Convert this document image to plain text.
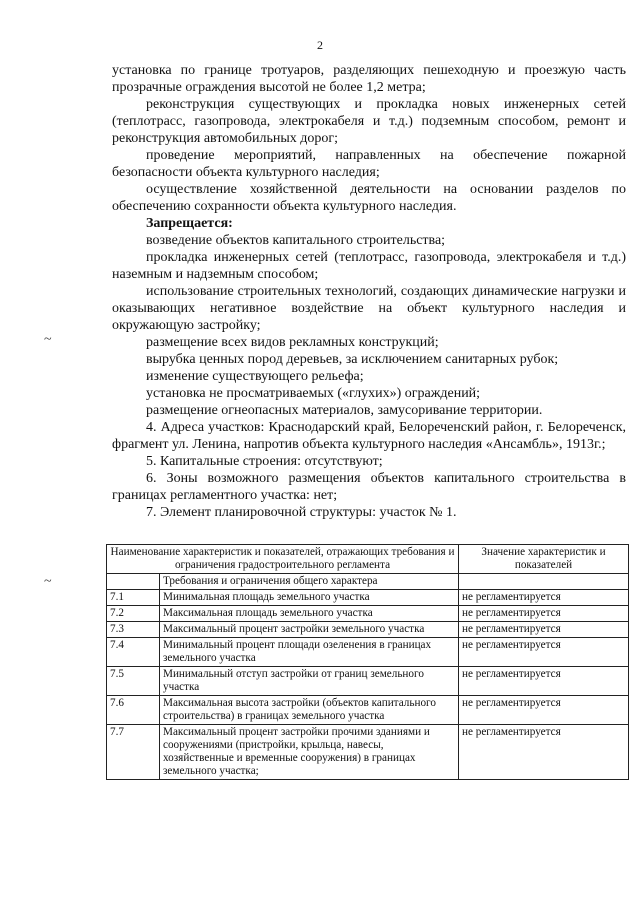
2
~
~

установка по границе тротуаров, разделяющих пешеходную и проезжую часть прозрачные ограждения высотой не более 1,2 метра;

реконструкция существующих и прокладка новых инженерных сетей (теплотрасс, газопровода, электрокабеля и т.д.) подземным способом, ремонт и реконструкция автомобильных дорог;

проведение мероприятий, направленных на обеспечение пожарной безопасности объекта культурного наследия;

осуществление хозяйственной деятельности на основании разделов по обеспечению сохранности объекта культурного наследия.

Запрещается:

возведение объектов капитального строительства;

прокладка инженерных сетей (теплотрасс, газопровода, электрокабеля и т.д.) наземным и надземным способом;

использование строительных технологий, создающих динамические нагрузки и оказывающих негативное воздействие на объект культурного наследия и окружающую застройку;

размещение всех видов рекламных конструкций;

вырубка ценных пород деревьев, за исключением санитарных рубок;

изменение существующего рельефа;

установка не просматриваемых («глухих») ограждений;

размещение огнеопасных материалов, замусоривание территории.

4. Адреса участков: Краснодарский край, Белореченский район, г. Белореченск, фрагмент ул. Ленина, напротив объекта культурного наследия «Ансамбль», 1913г.;

5. Капитальные строения: отсутствуют;

6. Зоны возможного размещения объектов капитального строительства в границах регламентного участка: нет;

7. Элемент планировочной структуры: участок № 1.

Наименование характеристик и показателей, отражающих требования и ограничения градостроительного регламента		Значение характеристик и показателей
	Требования и ограничения общего характера	
7.1	Минимальная площадь земельного участка	не регламентируется
7.2	Максимальная площадь земельного участка	не регламентируется
7.3	Максимальный процент застройки земельного участка	не регламентируется
7.4	Минимальный процент площади озеленения в границах земельного участка	не регламентируется
7.5	Минимальный отступ застройки от границ земельного участка	не регламентируется
7.6	Максимальная высота застройки (объектов капитального строительства) в границах земельного участка	не регламентируется
7.7	Максимальный процент застройки прочими зданиями и сооружениями (пристройки, крыльца, навесы, хозяйственные и временные сооружения) в границах земельного участка;	не регламентируется
